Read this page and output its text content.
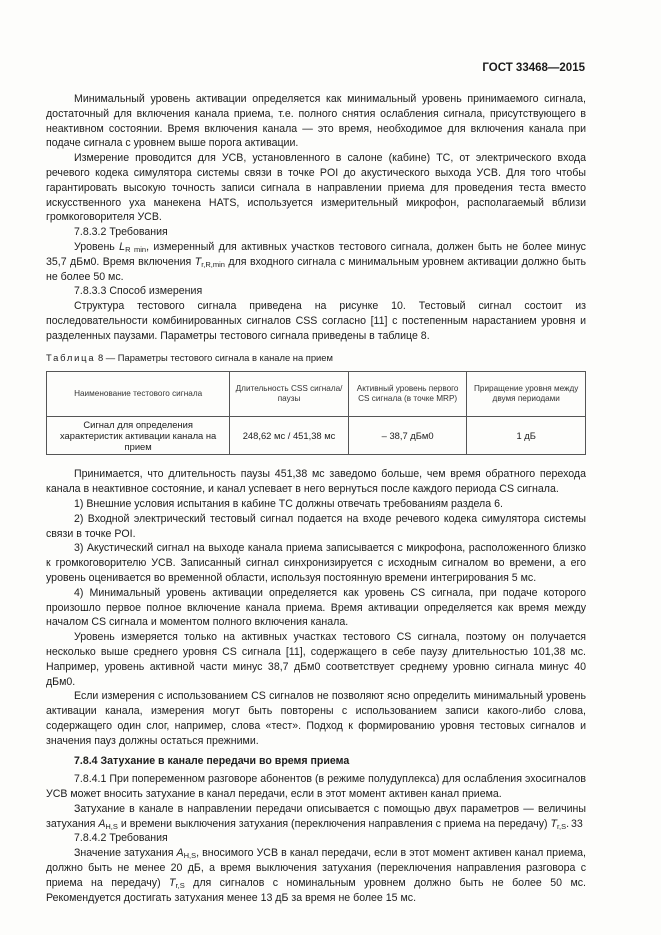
ГОСТ 33468—2015

Минимальный уровень активации определяется как минимальный уровень принимаемого сигнала, достаточный для включения канала приема, т.е. полного снятия ослабления сигнала, присутствующего в неактивном состоянии. Время включения канала — это время, необходимое для включения канала при подаче сигнала с уровнем выше порога активации.

Измерение проводится для УСВ, установленного в салоне (кабине) ТС, от электрического входа речевого кодека симулятора системы связи в точке POI до акустического выхода УСВ. Для того чтобы гарантировать высокую точность записи сигнала в направлении приема для проведения теста вместо искусственного уха манекена HATS, используется измерительный микрофон, располагаемый вблизи громкоговорителя УСВ.

7.8.3.2 Требования

Уровень $L_{R min}$, измеренный для активных участков тестового сигнала, должен быть не более минус 35,7 дБм0. Время включения $T_{r,R,min}$ для входного сигнала с минимальным уровнем активации должно быть не более 50 мс.

7.8.3.3 Способ измерения

Структура тестового сигнала приведена на рисунке 10. Тестовый сигнал состоит из последовательности комбинированных сигналов CSS согласно [11] с постепенным нарастанием уровня и разделенных паузами. Параметры тестового сигнала приведены в таблице 8.

Таблица 8 — Параметры тестового сигнала в канале на прием

Наименование тестового сигнала	Длительность CSS сигнала/паузы	Активный уровень первого CS сигнала (в точке MRP)	Приращение уровня между двумя периодами
Сигнал для определения характеристик активации канала на прием	248,62 мс / 451,38 мс	– 38,7 дБм0	1 дБ

Принимается, что длительность паузы 451,38 мс заведомо больше, чем время обратного перехода канала в неактивное состояние, и канал успевает в него вернуться после каждого периода CS сигнала.

1) Внешние условия испытания в кабине ТС должны отвечать требованиям раздела 6.

2) Входной электрический тестовый сигнал подается на входе речевого кодека симулятора системы связи в точке POI.

3) Акустический сигнал на выходе канала приема записывается с микрофона, расположенного близко к громкоговорителю УСВ. Записанный сигнал синхронизируется с исходным сигналом во времени, а его уровень оценивается во временной области, используя постоянную времени интегрирования 5 мс.

4) Минимальный уровень активации определяется как уровень CS сигнала, при подаче которого произошло первое полное включение канала приема. Время активации определяется как время между началом CS сигнала и моментом полного включения канала.

Уровень измеряется только на активных участках тестового CS сигнала, поэтому он получается несколько выше среднего уровня CS сигнала [11], содержащего в себе паузу длительностью 101,38 мс. Например, уровень активной части минус 38,7 дБм0 соответствует среднему уровню сигнала минус 40 дБм0.

Если измерения с использованием CS сигналов не позволяют ясно определить минимальный уровень активации канала, измерения могут быть повторены с использованием записи какого-либо слова, содержащего один слог, например, слова «тест». Подход к формированию уровня тестовых сигналов и значения пауз должны остаться прежними.

7.8.4 Затухание в канале передачи во время приема

7.8.4.1 При попеременном разговоре абонентов (в режиме полудуплекса) для ослабления эхосигналов УСВ может вносить затухание в канал передачи, если в этот момент активен канал приема.

Затухание в канале в направлении передачи описывается с помощью двух параметров — величины затухания $A_{H,S}$ и времени выключения затухания (переключения направления с приема на передачу) $T_{r,S}$.

7.8.4.2 Требования

Значение затухания $A_{H,S}$, вносимого УСВ в канал передачи, если в этот момент активен канал приема, должно быть не менее 20 дБ, а время выключения затухания (переключения направления разговора с приема на передачу) $T_{r,S}$ для сигналов с номинальным уровнем должно быть не более 50 мс. Рекомендуется достигать затухания менее 13 дБ за время не более 15 мс.

33
